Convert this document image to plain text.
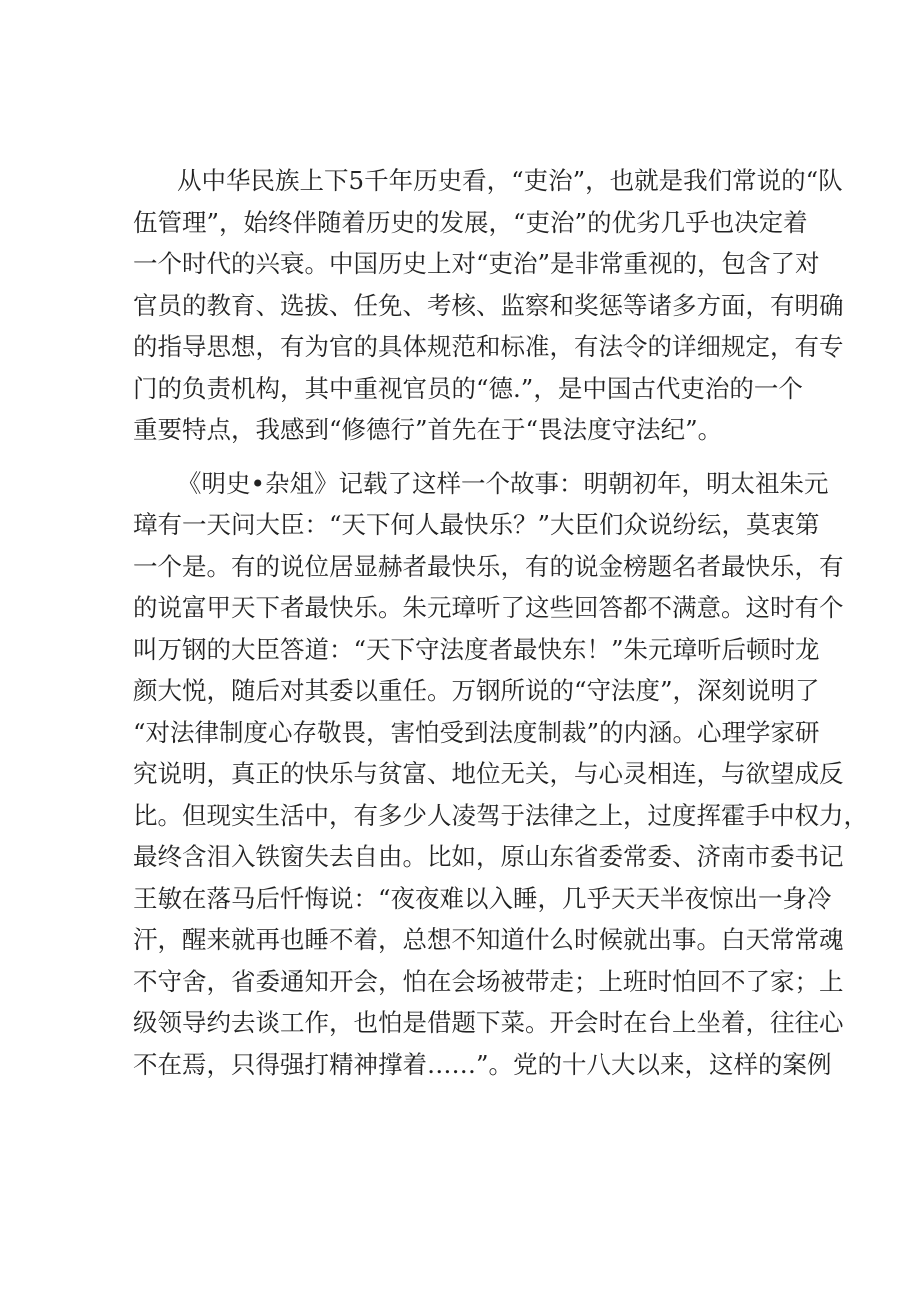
从中华民族上下5千年历史看，“吏治”，也就是我们常说的“队
伍管理”，始终伴随着历史的发展，“吏治”的优劣几乎也决定着
一个时代的兴衰。中国历史上对“吏治”是非常重视的，包含了对
官员的教育、选拔、任免、考核、监察和奖惩等诸多方面，有明确
的指导思想，有为官的具体规范和标准，有法令的详细规定，有专
门的负责机构，其中重视官员的“德.”，是中国古代吏治的一个
重要特点，我感到“修德行”首先在于“畏法度守法纪”。

《明史•杂俎》记载了这样一个故事：明朝初年，明太祖朱元
璋有一天问大臣：“天下何人最快乐？”大臣们众说纷纭，莫衷第
一个是。有的说位居显赫者最快乐，有的说金榜题名者最快乐，有
的说富甲天下者最快乐。朱元璋听了这些回答都不满意。这时有个
叫万钢的大臣答道：“天下守法度者最快东！”朱元璋听后顿时龙
颜大悦，随后对其委以重任。万钢所说的“守法度”，深刻说明了
“对法律制度心存敬畏，害怕受到法度制裁”的内涵。心理学家研
究说明，真正的快乐与贫富、地位无关，与心灵相连，与欲望成反
比。但现实生活中，有多少人凌驾于法律之上，过度挥霍手中权力，
最终含泪入铁窗失去自由。比如，原山东省委常委、济南市委书记
王敏在落马后忏悔说：“夜夜难以入睡，几乎天天半夜惊出一身冷
汗，醒来就再也睡不着，总想不知道什么时候就出事。白天常常魂
不守舍，省委通知开会，怕在会场被带走；上班时怕回不了家；上
级领导约去谈工作，也怕是借题下菜。开会时在台上坐着，往往心
不在焉，只得强打精神撑着……”。党的十八大以来，这样的案例
